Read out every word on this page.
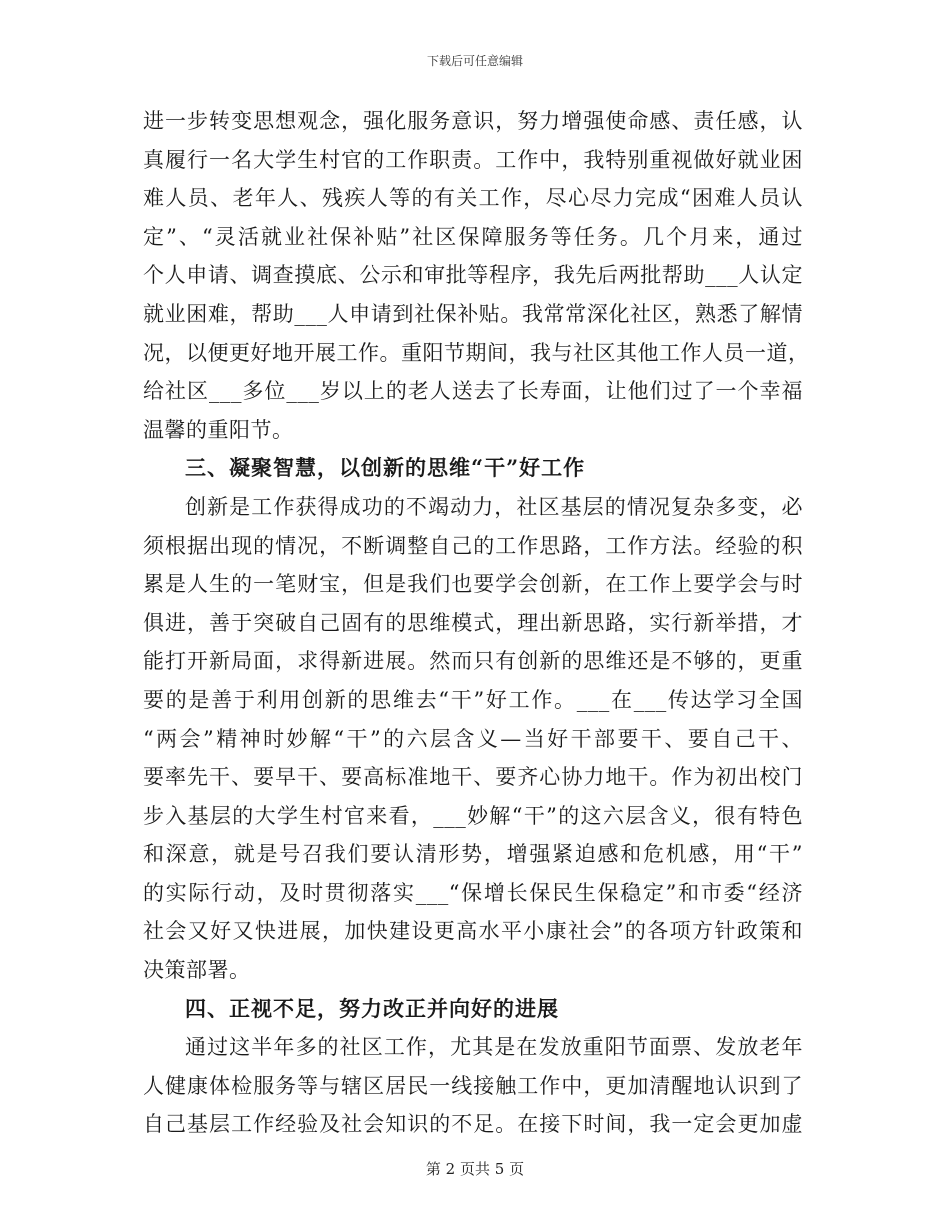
下载后可任意编辑
进一步转变思想观念，强化服务意识，努力增强使命感、责任感，认
真履行一名大学生村官的工作职责。工作中，我特别重视做好就业困
难人员、老年人、残疾人等的有关工作，尽心尽力完成“困难人员认
定”、“灵活就业社保补贴”社区保障服务等任务。几个月来，通过
个人申请、调查摸底、公示和审批等程序，我先后两批帮助___人认定
就业困难，帮助___人申请到社保补贴。我常常深化社区，熟悉了解情
况，以便更好地开展工作。重阳节期间，我与社区其他工作人员一道，
给社区___多位___岁以上的老人送去了长寿面，让他们过了一个幸福
温馨的重阳节。
三、凝聚智慧，以创新的思维“干”好工作
创新是工作获得成功的不竭动力，社区基层的情况复杂多变，必
须根据出现的情况，不断调整自己的工作思路，工作方法。经验的积
累是人生的一笔财宝，但是我们也要学会创新，在工作上要学会与时
俱进，善于突破自己固有的思维模式，理出新思路，实行新举措，才
能打开新局面，求得新进展。然而只有创新的思维还是不够的，更重
要的是善于利用创新的思维去“干”好工作。___在___传达学习全国
“两会”精神时妙解“干”的六层含义—当好干部要干、要自己干、
要率先干、要早干、要高标准地干、要齐心协力地干。作为初出校门
步入基层的大学生村官来看，___妙解“干”的这六层含义，很有特色
和深意，就是号召我们要认清形势，增强紧迫感和危机感，用“干”
的实际行动，及时贯彻落实___“保增长保民生保稳定”和市委“经济
社会又好又快进展，加快建设更高水平小康社会”的各项方针政策和
决策部署。
四、正视不足，努力改正并向好的进展
通过这半年多的社区工作，尤其是在发放重阳节面票、发放老年
人健康体检服务等与辖区居民一线接触工作中，更加清醒地认识到了
自己基层工作经验及社会知识的不足。在接下时间，我一定会更加虚
第 2 页共 5 页
